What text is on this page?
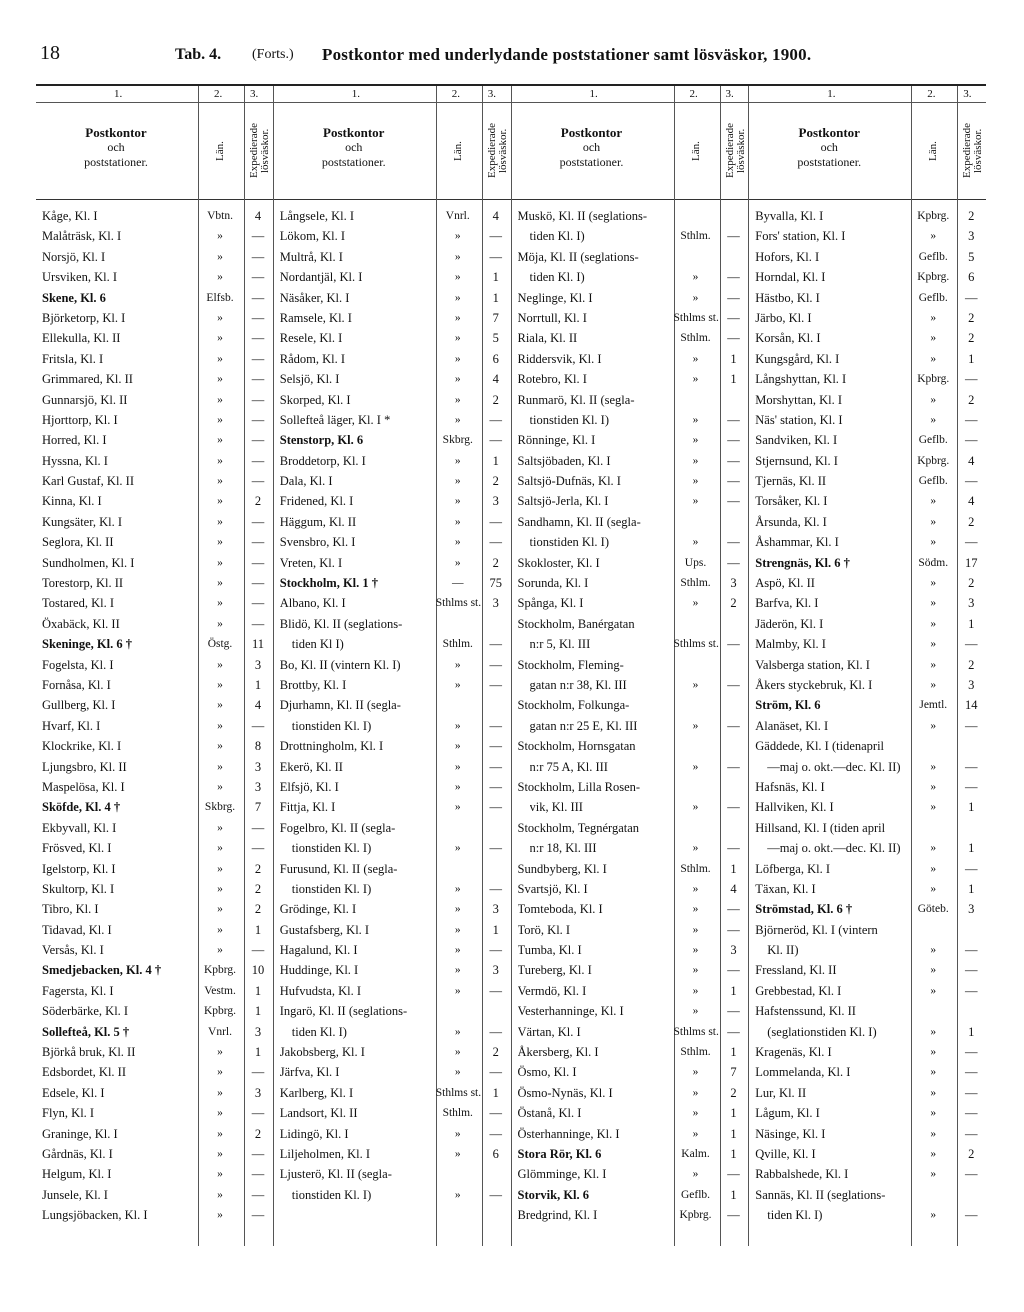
18	Tab. 4. (Forts.) Postkontor med underlydande poststationer samt lösväskor, 1900.
1.	2.	3.
Postkontor
och
poststationer.
Län. Expedierade lösväskor.
Kåge, Kl. I	Vbtn.	4
Malåträsk, Kl. I	»	—
Norsjö, Kl. I	»	—
Ursviken, Kl. I	»	—
Skene, Kl. 6	Elfsb.	—
Björketorp, Kl. I	»	—
Ellekulla, Kl. II	»	—
Fritsla, Kl. I	»	—
Grimmared, Kl. II	»	—
Gunnarsjö, Kl. II	»	—
Hjorttorp, Kl. I	»	—
Horred, Kl. I	»	—
Hyssna, Kl. I	»	—
Karl Gustaf, Kl. II	»	—
Kinna, Kl. I	»	2
Kungsäter, Kl. I	»	—
Seglora, Kl. II	»	—
Sundholmen, Kl. I	»	—
Torestorp, Kl. II	»	—
Tostared, Kl. I	»	—
Öxabäck, Kl. II	»	—
Skeninge, Kl. 6 †	Östg.	11
Fogelsta, Kl. I	»	3
Fornåsa, Kl. I	»	1
Gullberg, Kl. I	»	4
Hvarf, Kl. I	»	—
Klockrike, Kl. I	»	8
Ljungsbro, Kl. II	»	3
Maspelösa, Kl. I	»	3
Sköfde, Kl. 4 †	Skbrg.	7
Ekbyvall, Kl. I	»	—
Frösved, Kl. I	»	—
Igelstorp, Kl. I	»	2
Skultorp, Kl. I	»	2
Tibro, Kl. I	»	2
Tidavad, Kl. I	»	1
Versås, Kl. I	»	—
Smedjebacken, Kl. 4 †	Kpbrg.	10
Fagersta, Kl. I	Vestm.	1
Söderbärke, Kl. I	Kpbrg.	1
Sollefteå, Kl. 5 †	Vnrl.	3
Björkå bruk, Kl. II	»	1
Edsbordet, Kl. II	»	—
Edsele, Kl. I	»	3
Flyn, Kl. I	»	—
Graninge, Kl. I	»	2
Gårdnäs, Kl. I	»	—
Helgum, Kl. I	»	—
Junsele, Kl. I	»	—
Lungsjöbacken, Kl. I	»	—
1.	2.	3.
Postkontor
och
poststationer.
Län. Expedierade lösväskor.
Långsele, Kl. I	Vnrl.	4
Lökom, Kl. I	»	—
Multrå, Kl. I	»	—
Nordantjäl, Kl. I	»	1
Näsåker, Kl. I	»	1
Ramsele, Kl. I	»	7
Resele, Kl. I	»	5
Rådom, Kl. I	»	6
Selsjö, Kl. I	»	4
Skorped, Kl. I	»	2
Sollefteå läger, Kl. I *	»	—
Stenstorp, Kl. 6	Skbrg.	—
Broddetorp, Kl. I	»	1
Dala, Kl. I	»	2
Fridened, Kl. I	»	3
Häggum, Kl. II	»	—
Svensbro, Kl. I	»	—
Vreten, Kl. I	»	2
Stockholm, Kl. 1 †	—	75
Albano, Kl. I	Sthlms st. 3
Blidö, Kl. II (seglations-
tiden Kl I)	Sthlm.	—
Bo, Kl. II (vintern Kl. I)	»	—
Brottby, Kl. I	»	—
Djurhamn, Kl. II (segla-
tionstiden Kl. I)	»	—
Drottningholm, Kl. I	»	—
Ekerö, Kl. II	»	—
Elfsjö, Kl. I	»	—
Fittja, Kl. I	»	—
Fogelbro, Kl. II (segla-
tionstiden Kl. I)	»	—
Furusund, Kl. II (segla-
tionstiden Kl. I)	»	—
Grödinge, Kl. I	»	3
Gustafsberg, Kl. I	»	1
Hagalund, Kl. I	»	—
Huddinge, Kl. I	»	3
Hufvudsta, Kl. I	»	—
Ingarö, Kl. II (seglations-
tiden Kl. I)	»	—
Jakobsberg, Kl. I	»	2
Järfva, Kl. I	»	—
Karlberg, Kl. I	Sthlms st. 1
Landsort, Kl. II	Sthlm.	—
Lidingö, Kl. I	»	—
Liljeholmen, Kl. I	»	6
Ljusterö, Kl. II (segla-
tionstiden Kl. I)	»	—
1.	2.	3.
Postkontor
och
poststationer.
Län. Expedierade lösväskor.
Muskö, Kl. II (seglations-
tiden Kl. I)	Sthlm.	—
Möja, Kl. II (seglations-
tiden Kl. I)	»	—
Neglinge, Kl. I	»	—
Norrtull, Kl. I	Sthlms st. —
Riala, Kl. II	Sthlm.	—
Riddersvik, Kl. I	»	1
Rotebro, Kl. I	»	1
Runmarö, Kl. II (segla-
tionstiden Kl. I)	»	—
Rönninge, Kl. I	»	—
Saltsjöbaden, Kl. I	»	—
Saltsjö-Dufnäs, Kl. I	»	—
Saltsjö-Jerla, Kl. I	»	—
Sandhamn, Kl. II (segla-
tionstiden Kl. I)	»	—
Skokloster, Kl. I	Ups.	—
Sorunda, Kl. I	Sthlm.	3
Spånga, Kl. I	»	2
Stockholm, Banérgatan
n:r 5, Kl. III	Sthlms st. —
Stockholm, Fleming-
gatan n:r 38, Kl. III	»	—
Stockholm, Folkunga-
gatan n:r 25 E, Kl. III	»	—
Stockholm, Hornsgatan
n:r 75 A, Kl. III	»	—
Stockholm, Lilla Rosen-
vik, Kl. III	»	—
Stockholm, Tegnérgatan
n:r 18, Kl. III	»	—
Sundbyberg, Kl. I	Sthlm.	1
Svartsjö, Kl. I	»	4
Tomteboda, Kl. I	»	—
Torö, Kl. I	»	—
Tumba, Kl. I	»	3
Tureberg, Kl. I	»	—
Vermdö, Kl. I	»	1
Vesterhanninge, Kl. I	»	—
Värtan, Kl. I	Sthlms st. —
Åkersberg, Kl. I	Sthlm.	1
Ösmo, Kl. I	»	7
Ösmo-Nynäs, Kl. I	»	2
Östanå, Kl. I	»	1
Österhanninge, Kl. I	»	1
Stora Rör, Kl. 6	Kalm.	1
Glömminge, Kl. I	»	—
Storvik, Kl. 6	Geflb.	1
Bredgrind, Kl. I	Kpbrg.	—
1.	2.	3.
Postkontor
och
poststationer.
Län. Expedierade lösväskor.
Byvalla, Kl. I	Kpbrg.	2
Fors' station, Kl. I	»	3
Hofors, Kl. I	Geflb.	5
Horndal, Kl. I	Kpbrg.	6
Hästbo, Kl. I	Geflb.	—
Järbo, Kl. I	»	2
Korsån, Kl. I	»	2
Kungsgård, Kl. I	»	1
Långshyttan, Kl. I	Kpbrg.	—
Morshyttan, Kl. I	»	2
Näs' station, Kl. I	»	—
Sandviken, Kl. I	Geflb.	—
Stjernsund, Kl. I	Kpbrg.	4
Tjernäs, Kl. II	Geflb.	—
Torsåker, Kl. I	»	4
Årsunda, Kl. I	»	2
Åshammar, Kl. I	»	—
Strengnäs, Kl. 6 †	Södm.	17
Aspö, Kl. II	»	2
Barfva, Kl. I	»	3
Jäderön, Kl. I	»	1
Malmby, Kl. I	»	—
Valsberga station, Kl. I	»	2
Åkers styckebruk, Kl. I	»	3
Ström, Kl. 6	Jemtl.	14
Alanäset, Kl. I	»	—
Gäddede, Kl. I (tidenapril
—maj o. okt.—dec. Kl. II)	»	—
Hafsnäs, Kl. I	»	—
Hallviken, Kl. I	»	1
Hillsand, Kl. I (tiden april
—maj o. okt.—dec. Kl. II)	»	1
Löfberga, Kl. I	»	—
Täxan, Kl. I	»	1
Strömstad, Kl. 6 †	Göteb.	3
Björneröd, Kl. I (vintern
Kl. II)	»	—
Fressland, Kl. II	»	—
Grebbestad, Kl. I	»	—
Hafstenssund, Kl. II
(seglationstiden Kl. I)	»	1
Kragenäs, Kl. I	»	—
Lommelanda, Kl. I	»	—
Lur, Kl. II	»	—
Lågum, Kl. I	»	—
Näsinge, Kl. I	»	—
Qville, Kl. I	»	2
Rabbalshede, Kl. I	»	—
Sannäs, Kl. II (seglations-
tiden Kl. I)	»	—
